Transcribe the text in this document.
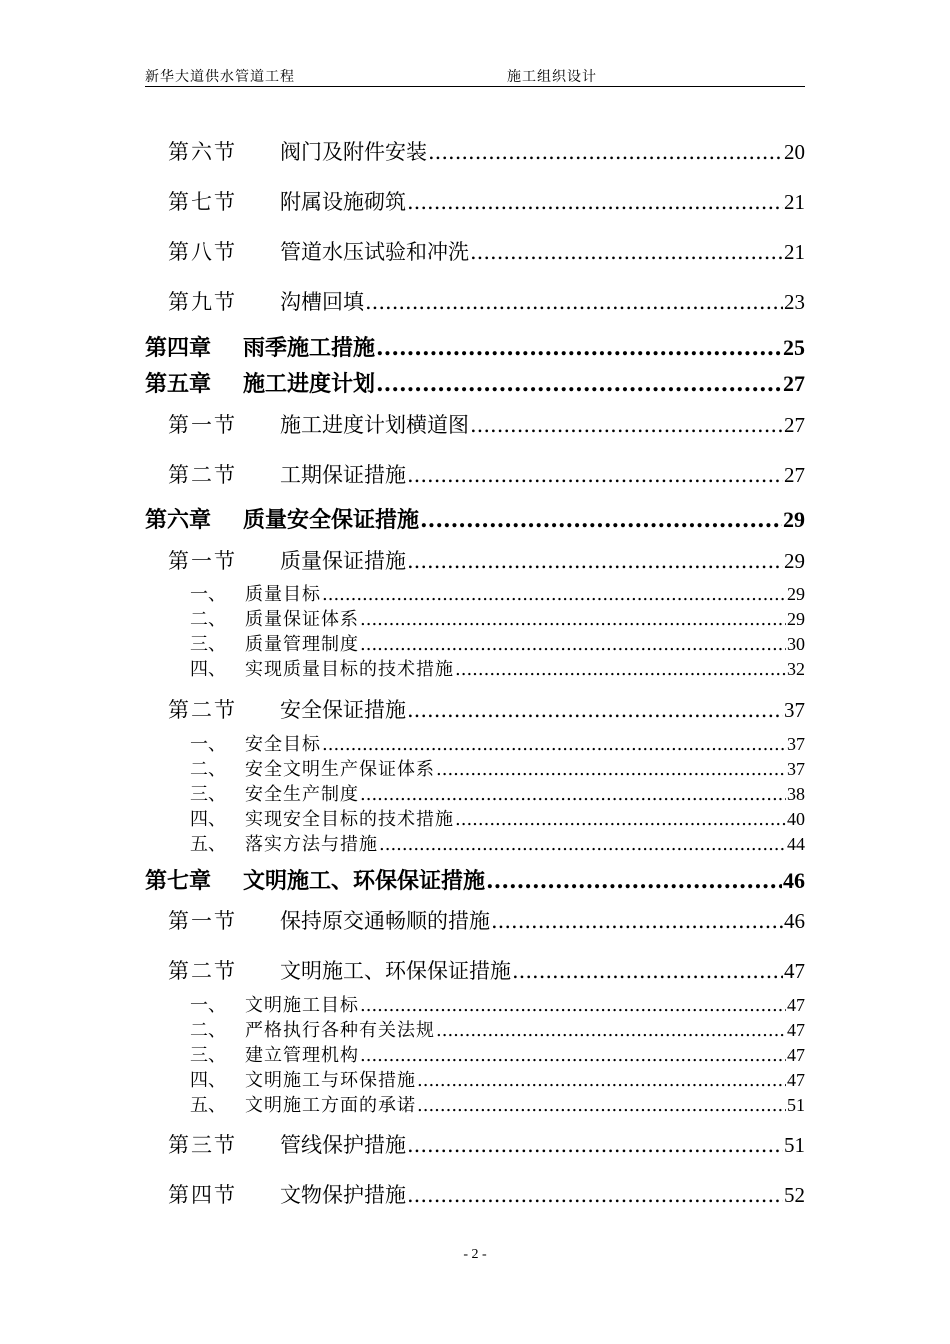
新华大道供水管道工程	施工组织设计
第六节	阀门及附件安装 .....	20
第七节	附属设施砌筑 .....	21
第八节	管道水压试验和冲洗 .....	21
第九节	沟槽回填 .....	23
第四章	雨季施工措施 .....	25
第五章	施工进度计划 .....	27
第一节	施工进度计划横道图 .....	27
第二节	工期保证措施 .....	27
第六章	质量安全保证措施 .....	29
第一节	质量保证措施 .....	29
一、	质量目标 .....	29
二、	质量保证体系 .....	29
三、	质量管理制度 .....	30
四、	实现质量目标的技术措施 .....	32
第二节	安全保证措施 .....	37
一、	安全目标 .....	37
二、	安全文明生产保证体系 .....	37
三、	安全生产制度 .....	38
四、	实现安全目标的技术措施 .....	40
五、	落实方法与措施 .....	44
第七章	文明施工、环保保证措施 .....	46
第一节	保持原交通畅顺的措施 .....	46
第二节	文明施工、环保保证措施 .....	47
一、	文明施工目标 .....	47
二、	严格执行各种有关法规 .....	47
三、	建立管理机构 .....	47
四、	文明施工与环保措施 .....	47
五、	文明施工方面的承诺 .....	51
第三节	管线保护措施 .....	51
第四节	文物保护措施 .....	52
- 2 -
